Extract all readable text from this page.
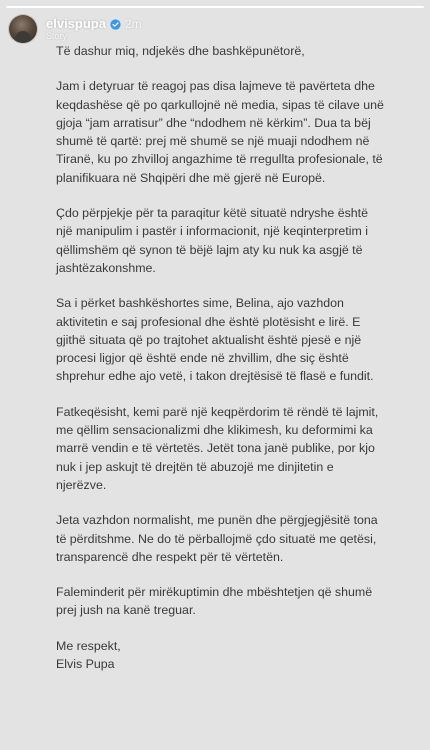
elvispupa 2m
Story

Të dashur miq, ndjekës dhe bashkëpunëtorë,

Jam i detyruar të reagoj pas disa lajmeve të pavërteta dhe keqdashëse që po qarkullojnë në media, sipas të cilave unë gjoja “jam arratisur” dhe “ndodhem në kërkim”. Dua ta bëj shumë të qartë: prej më shumë se një muaji ndodhem në Tiranë, ku po zhvilloj angazhime të rregullta profesionale, të planifikuara në Shqipëri dhe më gjerë në Europë.

Çdo përpjekje për ta paraqitur këtë situatë ndryshe është një manipulim i pastër i informacionit, një keqinterpretim i qëllimshëm që synon të bëjë lajm aty ku nuk ka asgjë të jashtëzakonshme.

Sa i përket bashkëshortes sime, Belina, ajo vazhdon aktivitetin e saj profesional dhe është plotësisht e lirë. E gjithë situata që po trajtohet aktualisht është pjesë e një procesi ligjor që është ende në zhvillim, dhe siç është shprehur edhe ajo vetë, i takon drejtësisë të flasë e fundit.

Fatkeqësisht, kemi parë një keqpërdorim të rëndë të lajmit, me qëllim sensacionalizmi dhe klikimesh, ku deformimi ka marrë vendin e të vërtetës. Jetët tona janë publike, por kjo nuk i jep askujt të drejtën të abuzojë me dinjitetin e njerëzve.

Jeta vazhdon normalisht, me punën dhe përgjegjësitë tona të përditshme. Ne do të përballojmë çdo situatë me qetësi, transparencë dhe respekt për të vërtetën.

Faleminderit për mirëkuptimin dhe mbështetjen që shumë prej jush na kanë treguar.

Me respekt,
Elvis Pupa
